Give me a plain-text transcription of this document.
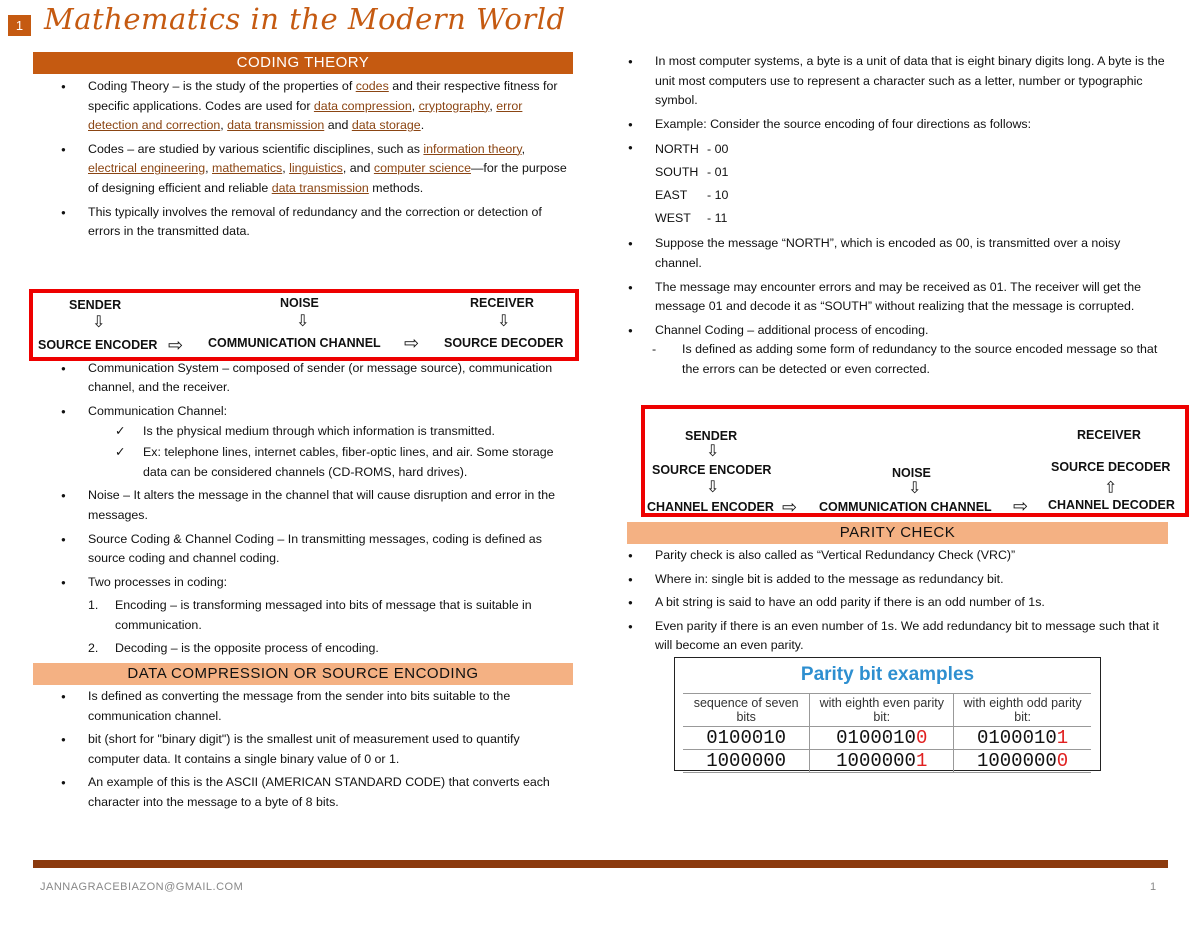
1 Mathematics in the Modern World
CODING THEORY
● Coding Theory – is the study of the properties of codes and their respective fitness for specific applications. Codes are used for data compression, cryptography, error detection and correction, data transmission and data storage.
● Codes – are studied by various scientific disciplines, such as information theory, electrical engineering, mathematics, linguistics, and computer science—for the purpose of designing efficient and reliable data transmission methods.
● This typically involves the removal of redundancy and the correction or detection of errors in the transmitted data.
● Communication System – composed of sender (or message source), communication channel, and the receiver.
● Communication Channel:
✓ Is the physical medium through which information is transmitted.
✓ Ex: telephone lines, internet cables, fiber-optic lines, and air. Some storage data can be considered channels (CD-ROMS, hard drives).
● Noise – It alters the message in the channel that will cause disruption and error in the messages.
● Source Coding & Channel Coding – In transmitting messages, coding is defined as source coding and channel coding.
● Two processes in coding:
1. Encoding – is transforming messaged into bits of message that is suitable in communication.
2. Decoding – is the opposite process of encoding.
DATA COMPRESSION OR SOURCE ENCODING
● Is defined as converting the message from the sender into bits suitable to the communication channel.
● bit (short for "binary digit") is the smallest unit of measurement used to quantify computer data. It contains a single binary value of 0 or 1.
● An example of this is the ASCII (AMERICAN STANDARD CODE) that converts each character into the message to a byte of 8 bits.
SENDER
⇩
SOURCE ENCODER ⇨
NOISE
⇩
COMMUNICATION CHANNEL ⇨
RECEIVER
⇩
SOURCE DECODER
● In most computer systems, a byte is a unit of data that is eight binary digits long. A byte is the unit most computers use to represent a character such as a letter, number or typographic symbol.
● Example: Consider the source encoding of four directions as follows:
● NORTH - 00
SOUTH - 01
EAST - 10
WEST - 11
● Suppose the message “NORTH”, which is encoded as 00, is transmitted over a noisy channel.
● The message may encounter errors and may be received as 01. The receiver will get the message 01 and decode it as “SOUTH” without realizing that the message is corrupted.
● Channel Coding – additional process of encoding.
- Is defined as adding some form of redundancy to the source encoded message so that the errors can be detected or even corrected.
SENDER
⇩
SOURCE ENCODER
⇩
CHANNEL ENCODER ⇨
NOISE
⇩
COMMUNICATION CHANNEL ⇨
RECEIVER
SOURCE DECODER
⇩
CHANNEL DECODER
PARITY CHECK
● Parity check is also called as “Vertical Redundancy Check (VRC)”
● Where in: single bit is added to the message as redundancy bit.
● A bit string is said to have an odd parity if there is an odd number of 1s.
● Even parity if there is an even number of 1s. We add redundancy bit to message such that it will become an even parity.
Parity bit examples
sequence of seven bits	with eighth even parity bit:	with eighth odd parity bit:
0100010	01000100	01000101
1000000	10000001	10000000
JANNAGRACEBIAZON@GMAIL.COM	1
